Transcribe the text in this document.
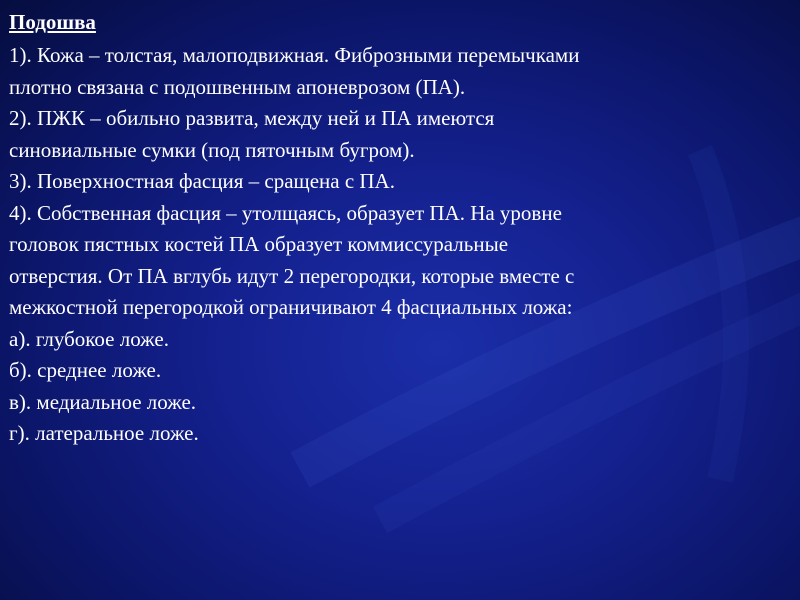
Подошва
1). Кожа – толстая, малоподвижная. Фиброзными перемычками
плотно связана с подошвенным апоневрозом (ПА).
2). ПЖК – обильно развита, между ней и ПА имеются
синовиальные сумки (под пяточным бугром).
3). Поверхностная фасция – сращена с ПА.
4). Собственная фасция – утолщаясь, образует ПА. На уровне
головок пястных костей ПА образует коммиссуральные
отверстия. От ПА вглубь идут 2 перегородки, которые вместе с
межкостной перегородкой ограничивают 4 фасциальных ложа:
а). глубокое ложе.
б). среднее ложе.
в). медиальное ложе.
г). латеральное ложе.
